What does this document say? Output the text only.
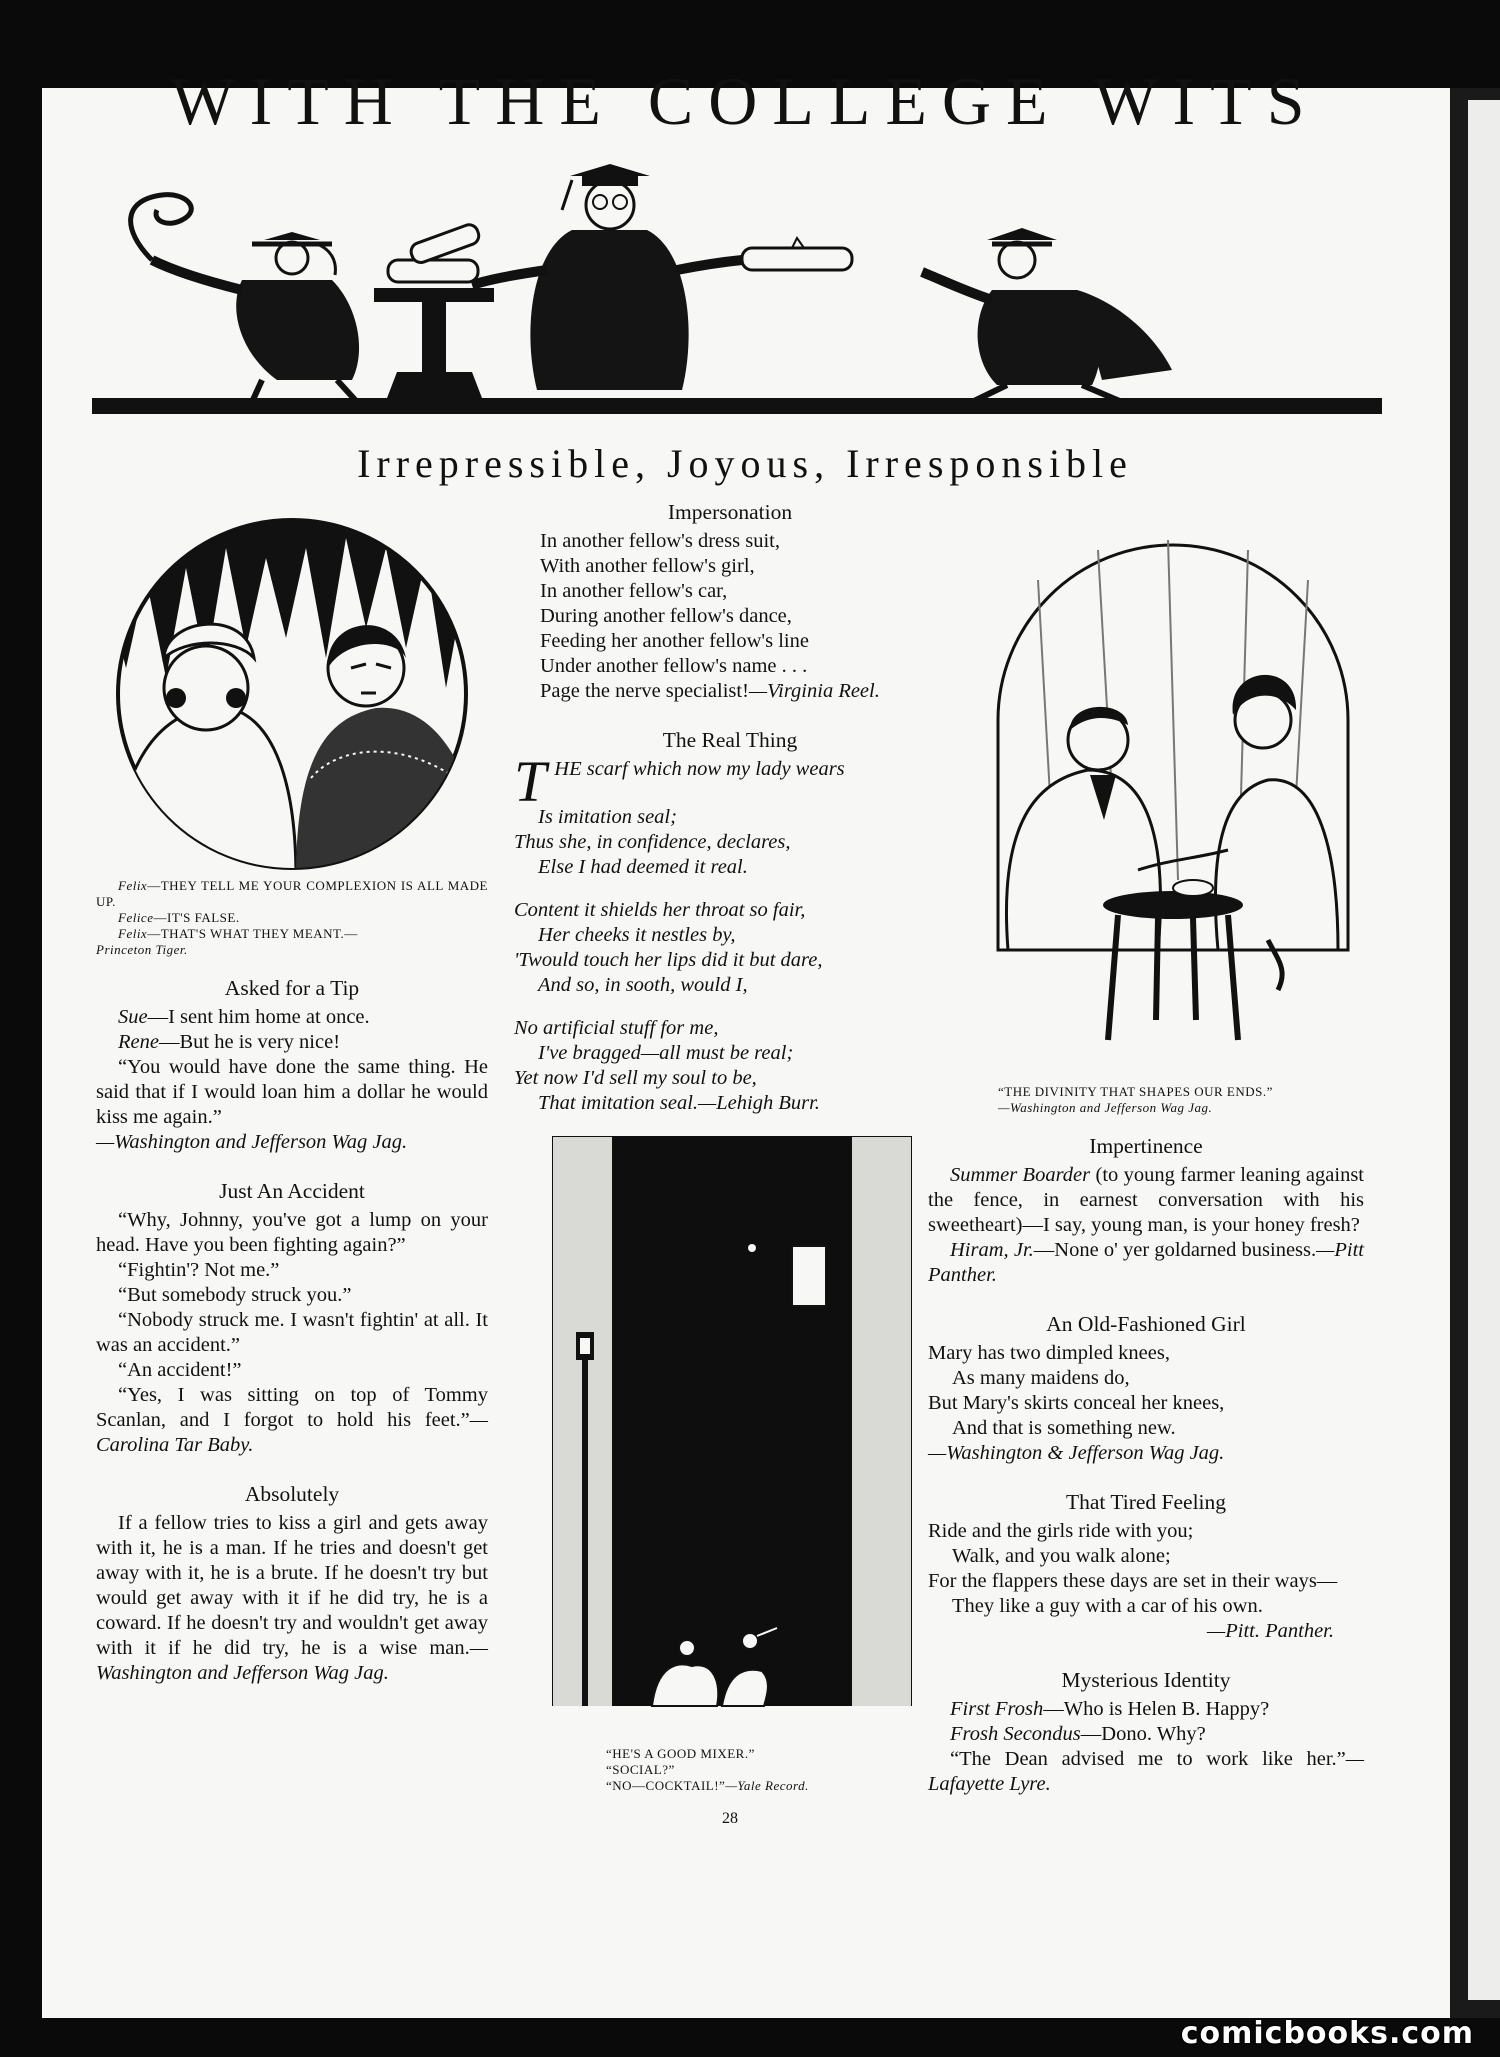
WITH THE COLLEGE WITS
Irrepressible, Joyous, Irresponsible

Felix—THEY TELL ME YOUR COMPLEXION IS ALL MADE UP.

Felice—IT'S FALSE.

Felix—THAT'S WHAT THEY MEANT.—

Princeton Tiger.

Asked for a Tip

Sue—I sent him home at once.

Rene—But he is very nice!

“You would have done the same thing. He said that if I would loan him a dollar he would kiss me again.”

—Washington and Jefferson Wag Jag.

Just An Accident

“Why, Johnny, you've got a lump on your head. Have you been fighting again?”

“Fightin'? Not me.”

“But somebody struck you.”

“Nobody struck me. I wasn't fightin' at all. It was an accident.”

“An accident!”

“Yes, I was sitting on top of Tommy Scanlan, and I forgot to hold his feet.”—Carolina Tar Baby.

Absolutely

If a fellow tries to kiss a girl and gets away with it, he is a man. If he tries and doesn't get away with it, he is a brute. If he doesn't try but would get away with it if he did try, he is a coward. If he doesn't try and wouldn't get away with it if he did try, he is a wise man.—Washington and Jefferson Wag Jag.

Impersonation

In another fellow's dress suit,

With another fellow's girl,

In another fellow's car,

During another fellow's dance,

Feeding her another fellow's line

Under another fellow's name . . .

Page the nerve specialist!—Virginia Reel.

The Real Thing

THE scarf which now my lady wears

Is imitation seal;

Thus she, in confidence, declares,

Else I had deemed it real.

Content it shields her throat so fair,

Her cheeks it nestles by,

'Twould touch her lips did it but dare,

And so, in sooth, would I,

No artificial stuff for me,

I've bragged—all must be real;

Yet now I'd sell my soul to be,

That imitation seal.—Lehigh Burr.

“HE'S A GOOD MIXER.”

“SOCIAL?”

“NO—COCKTAIL!”—Yale Record.

28

“THE DIVINITY THAT SHAPES OUR ENDS.”

—Washington and Jefferson Wag Jag.

Impertinence

Summer Boarder (to young farmer leaning against the fence, in earnest conversation with his sweetheart)—I say, young man, is your honey fresh?

Hiram, Jr.—None o' yer goldarned business.—Pitt Panther.

An Old-Fashioned Girl

Mary has two dimpled knees,

As many maidens do,

But Mary's skirts conceal her knees,

And that is something new.

—Washington & Jefferson Wag Jag.

That Tired Feeling

Ride and the girls ride with you;

Walk, and you walk alone;

For the flappers these days are set in their ways—

They like a guy with a car of his own.

—Pitt. Panther.

Mysterious Identity

First Frosh—Who is Helen B. Happy?

Frosh Secondus—Dono. Why?

“The Dean advised me to work like her.”—Lafayette Lyre.

comicbooks.com
